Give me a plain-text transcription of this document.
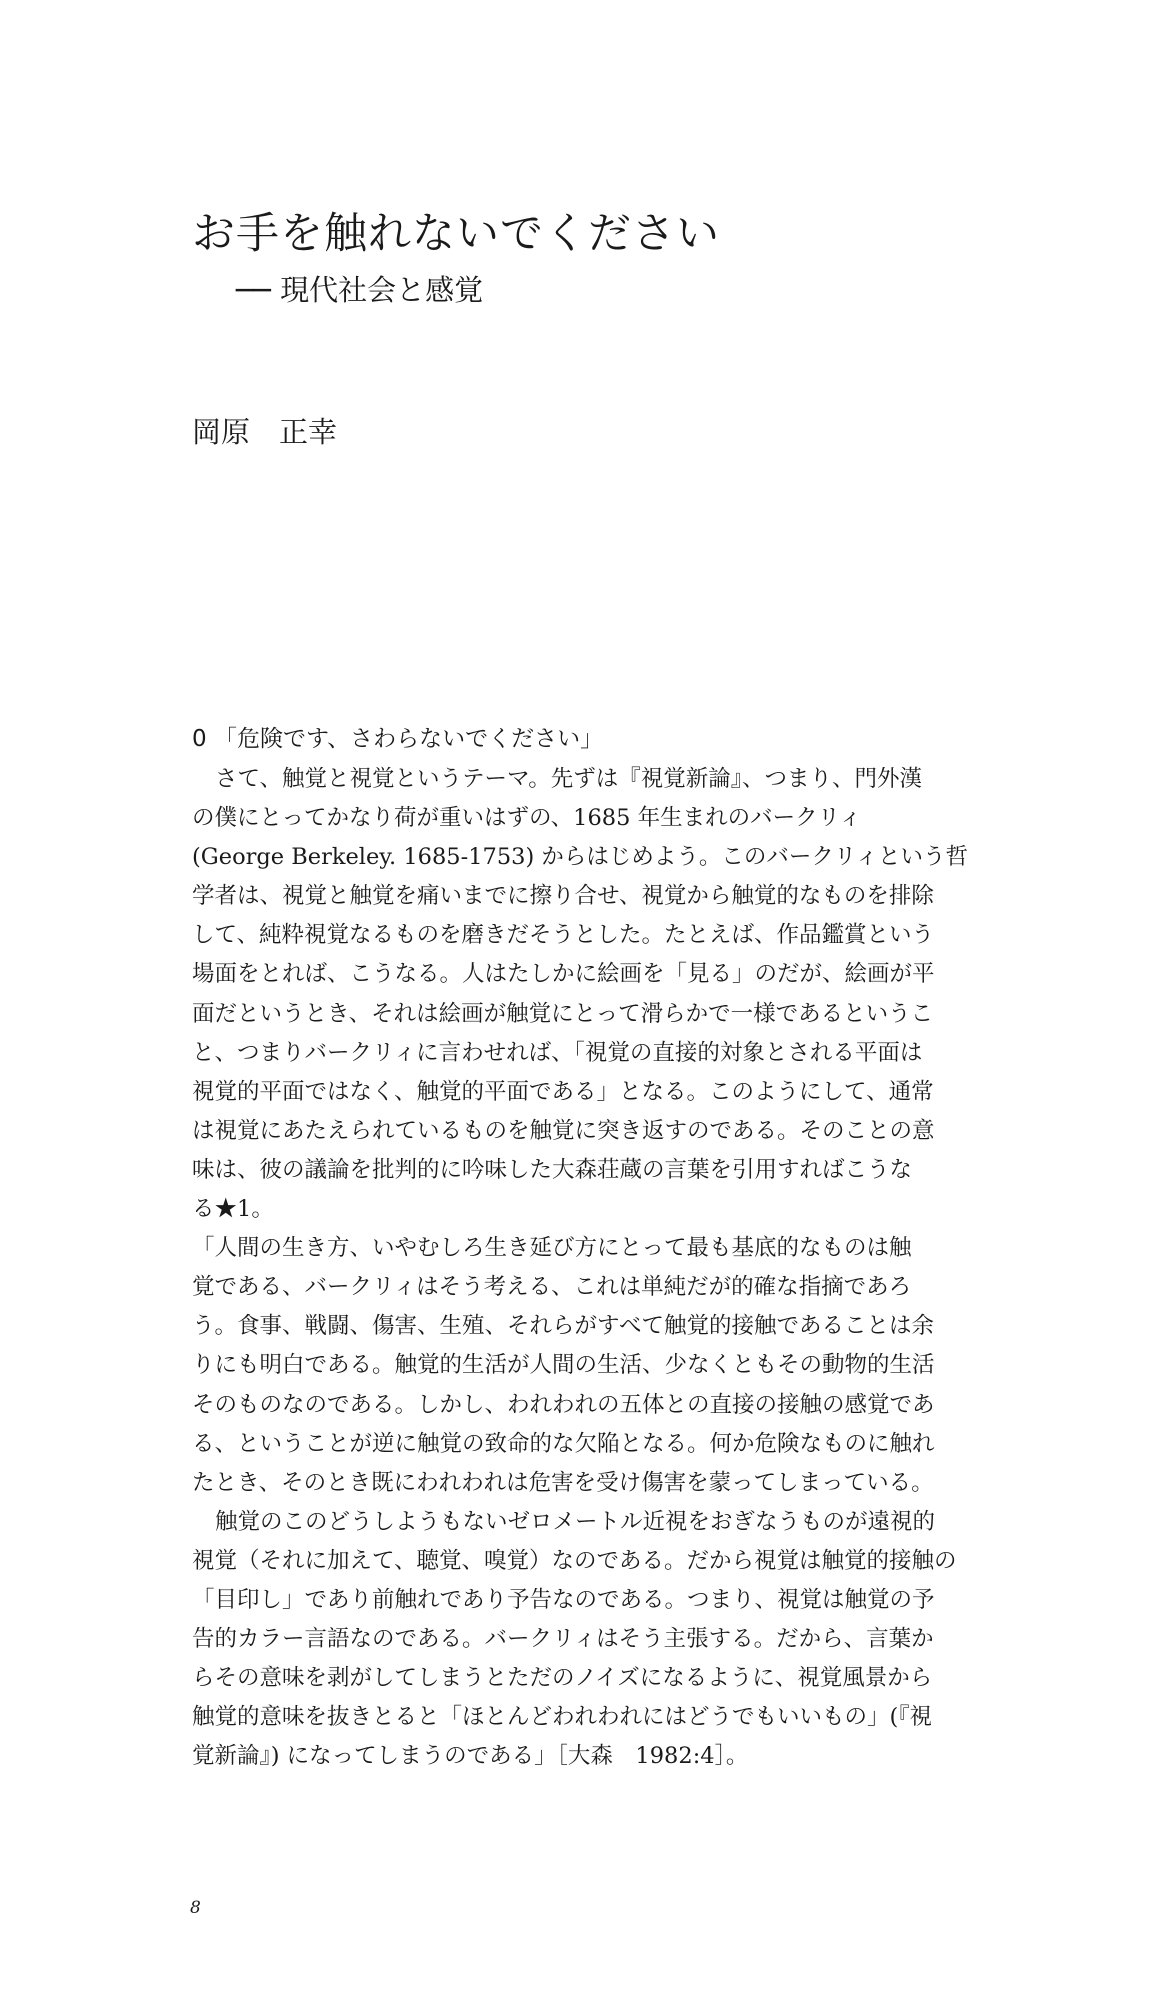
お手を触れないでください
── 現代社会と感覚
岡原　正幸
0 「危険です、さわらないでください」
さて、触覚と視覚というテーマ。先ずは『視覚新論』、つまり、門外漢
の僕にとってかなり荷が重いはずの、1685 年生まれのバークリィ
(George Berkeley. 1685-1753) からはじめよう。このバークリィという哲
学者は、視覚と触覚を痛いまでに擦り合せ、視覚から触覚的なものを排除
して、純粋視覚なるものを磨きだそうとした。たとえば、作品鑑賞という
場面をとれば、こうなる。人はたしかに絵画を「見る」のだが、絵画が平
面だというとき、それは絵画が触覚にとって滑らかで一様であるというこ
と、つまりバークリィに言わせれば、「視覚の直接的対象とされる平面は
視覚的平面ではなく、触覚的平面である」となる。このようにして、通常
は視覚にあたえられているものを触覚に突き返すのである。そのことの意
味は、彼の議論を批判的に吟味した大森荘蔵の言葉を引用すればこうな
る★1。
「人間の生き方、いやむしろ生き延び方にとって最も基底的なものは触
覚である、バークリィはそう考える、これは単純だが的確な指摘であろ
う。食事、戦闘、傷害、生殖、それらがすべて触覚的接触であることは余
りにも明白である。触覚的生活が人間の生活、少なくともその動物的生活
そのものなのである。しかし、われわれの五体との直接の接触の感覚であ
る、ということが逆に触覚の致命的な欠陥となる。何か危険なものに触れ
たとき、そのとき既にわれわれは危害を受け傷害を蒙ってしまっている。
触覚のこのどうしようもないゼロメートル近視をおぎなうものが遠視的
視覚（それに加えて、聴覚、嗅覚）なのである。だから視覚は触覚的接触の
「目印し」であり前触れであり予告なのである。つまり、視覚は触覚の予
告的カラー言語なのである。バークリィはそう主張する。だから、言葉か
らその意味を剥がしてしまうとただのノイズになるように、視覚風景から
触覚的意味を抜きとると「ほとんどわれわれにはどうでもいいもの」(『視
覚新論』) になってしまうのである」［大森　1982:4］。
8
